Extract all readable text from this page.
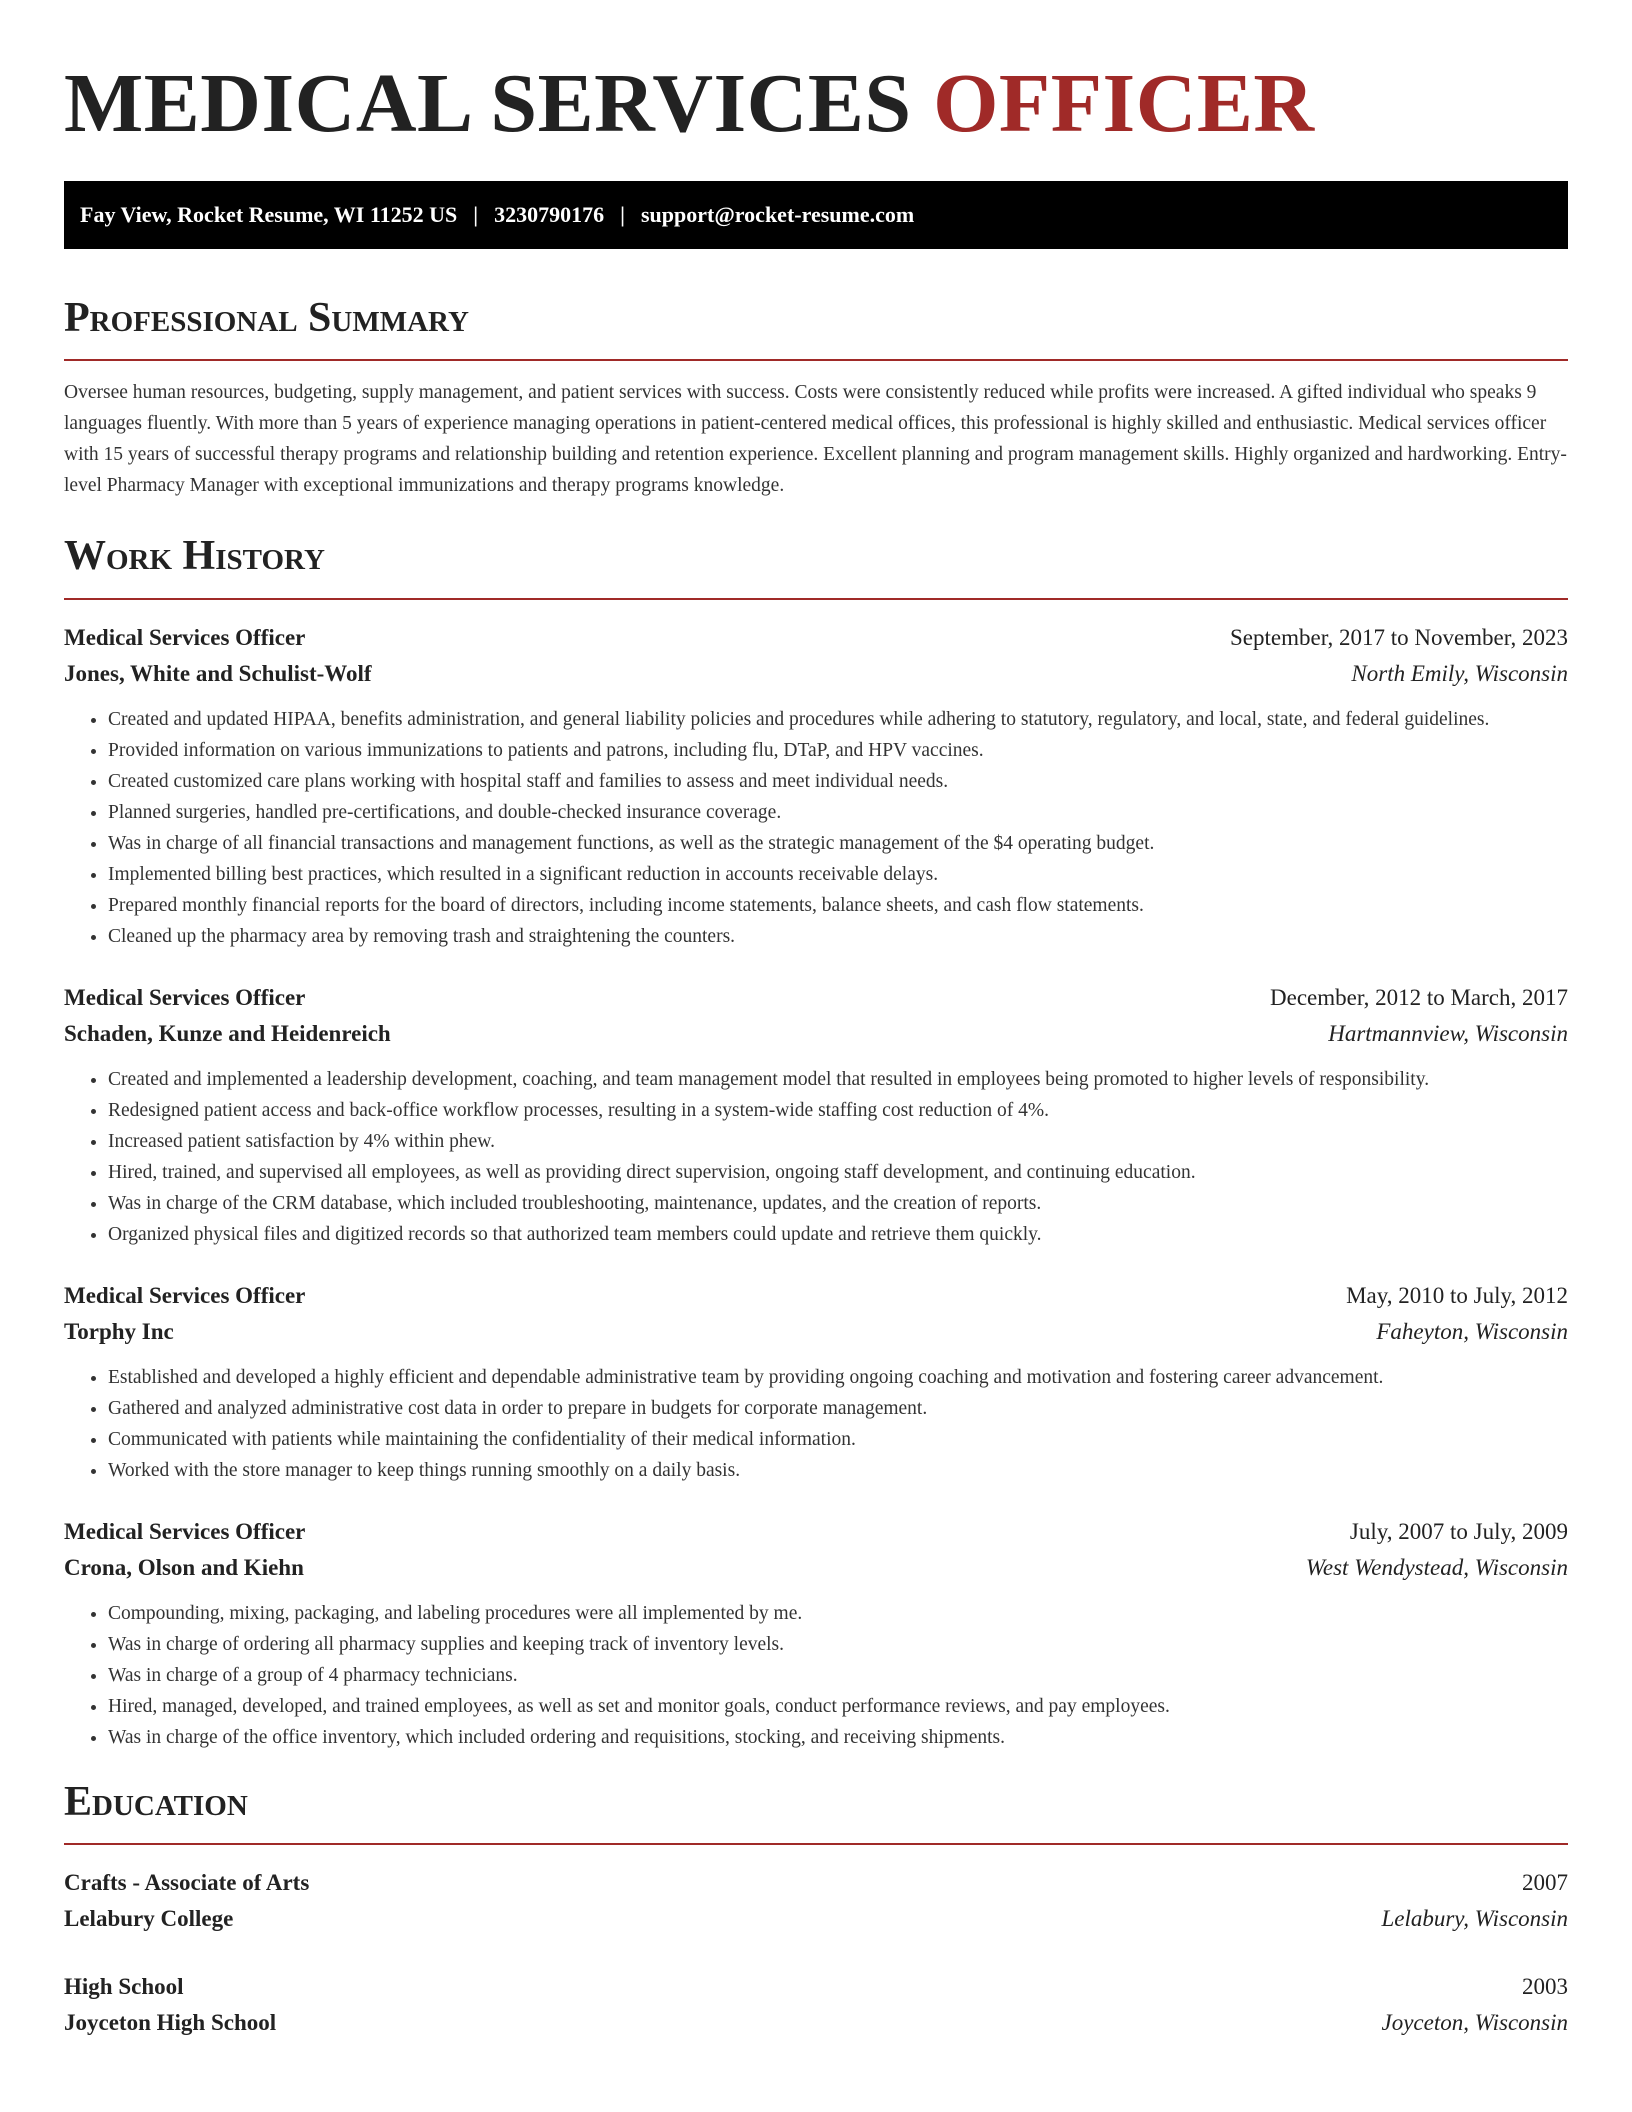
MEDICAL SERVICES OFFICER
Fay View, Rocket Resume, WI 11252 US | 3230790176 | support@rocket-resume.com
Professional Summary

Oversee human resources, budgeting, supply management, and patient services with success. Costs were consistently reduced while profits were increased. A gifted individual who speaks 9 languages fluently. With more than 5 years of experience managing operations in patient-centered medical offices, this professional is highly skilled and enthusiastic. Medical services officer with 15 years of successful therapy programs and relationship building and retention experience. Excellent planning and program management skills. Highly organized and hardworking. Entry-level Pharmacy Manager with exceptional immunizations and therapy programs knowledge.

Work History
Medical Services Officer	September, 2017 to November, 2023
Jones, White and Schulist-Wolf	North Emily, Wisconsin
• Created and updated HIPAA, benefits administration, and general liability policies and procedures while adhering to statutory, regulatory, and local, state, and federal guidelines.
• Provided information on various immunizations to patients and patrons, including flu, DTaP, and HPV vaccines.
• Created customized care plans working with hospital staff and families to assess and meet individual needs.
• Planned surgeries, handled pre-certifications, and double-checked insurance coverage.
• Was in charge of all financial transactions and management functions, as well as the strategic management of the $4 operating budget.
• Implemented billing best practices, which resulted in a significant reduction in accounts receivable delays.
• Prepared monthly financial reports for the board of directors, including income statements, balance sheets, and cash flow statements.
• Cleaned up the pharmacy area by removing trash and straightening the counters.
Medical Services Officer	December, 2012 to March, 2017
Schaden, Kunze and Heidenreich	Hartmannview, Wisconsin
• Created and implemented a leadership development, coaching, and team management model that resulted in employees being promoted to higher levels of responsibility.
• Redesigned patient access and back-office workflow processes, resulting in a system-wide staffing cost reduction of 4%.
• Increased patient satisfaction by 4% within phew.
• Hired, trained, and supervised all employees, as well as providing direct supervision, ongoing staff development, and continuing education.
• Was in charge of the CRM database, which included troubleshooting, maintenance, updates, and the creation of reports.
• Organized physical files and digitized records so that authorized team members could update and retrieve them quickly.
Medical Services Officer	May, 2010 to July, 2012
Torphy Inc	Faheyton, Wisconsin
• Established and developed a highly efficient and dependable administrative team by providing ongoing coaching and motivation and fostering career advancement.
• Gathered and analyzed administrative cost data in order to prepare in budgets for corporate management.
• Communicated with patients while maintaining the confidentiality of their medical information.
• Worked with the store manager to keep things running smoothly on a daily basis.
Medical Services Officer	July, 2007 to July, 2009
Crona, Olson and Kiehn	West Wendystead, Wisconsin
• Compounding, mixing, packaging, and labeling procedures were all implemented by me.
• Was in charge of ordering all pharmacy supplies and keeping track of inventory levels.
• Was in charge of a group of 4 pharmacy technicians.
• Hired, managed, developed, and trained employees, as well as set and monitor goals, conduct performance reviews, and pay employees.
• Was in charge of the office inventory, which included ordering and requisitions, stocking, and receiving shipments.
Education
Crafts - Associate of Arts	2007
Lelabury College	Lelabury, Wisconsin
High School	2003
Joyceton High School	Joyceton, Wisconsin
